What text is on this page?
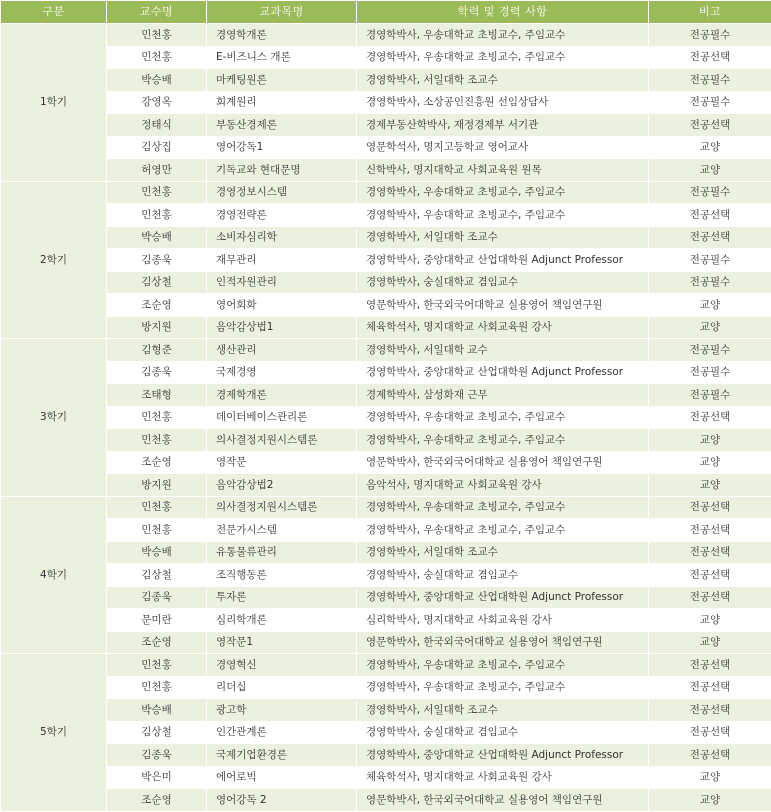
구분	교수명	교과목명	학력 및 경력 사항	비고
1학기	민천홍	경영학개론	경영학박사, 우송대학교 초빙교수, 주임교수	전공필수
	민천홍	E-비즈니스 개론	경영학박사, 우송대학교 초빙교수, 주임교수	전공선택
	박승배	마케팅원론	경영학박사, 서일대학 조교수	전공필수
	강영옥	회계원리	경영학박사, 소상공인진흥원 선임상담사	전공필수
	정태식	부동산경제론	경제부동산학박사, 재정경제부 서기관	전공선택
	김상집	영어강독1	영문학석사, 명지고등학교 영어교사	교양
	허영만	기독교와 현대문명	신학박사, 명지대학교 사회교육원 원목	교양
2학기	민천홍	경영정보시스템	경영학박사, 우송대학교 초빙교수, 주임교수	전공필수
	민천홍	경영전략론	경영학박사, 우송대학교 초빙교수, 주임교수	전공선택
	박승배	소비자심리학	경영학박사, 서일대학 조교수	전공선택
	김종욱	재무관리	경영학박사, 중앙대학교 산업대학원 Adjunct Professor	전공필수
	김상철	인적자원관리	경영학박사, 숭실대학교 겸임교수	전공필수
	조순영	영어회화	영문학박사, 한국외국어대학교 실용영어 책임연구원	교양
	방지원	음악감상법1	체육학석사, 명지대학교 사회교육원 강사	교양
3학기	김형준	생산관리	경영학박사, 서일대학 교수	전공필수
	김종욱	국제경영	경영학박사, 중앙대학교 산업대학원 Adjunct Professor	전공필수
	조태형	경제학개론	경제학박사, 삼성화재 근무	전공필수
	민천홍	데이터베이스관리론	경영학박사, 우송대학교 초빙교수, 주임교수	전공선택
	민천홍	의사결정지원시스템론	경영학박사, 우송대학교 초빙교수, 주임교수	교양
	조순영	영작문	영문학박사, 한국외국어대학교 실용영어 책임연구원	교양
	방지원	음악감상법2	음악석사, 명지대학교 사회교육원 강사	교양
4학기	민천홍	의사결정지원시스템론	경영학박사, 우송대학교 초빙교수, 주임교수	전공선택
	민천홍	전문가시스템	경영학박사, 우송대학교 초빙교수, 주임교수	전공선택
	박승배	유통물류관리	경영학박사, 서일대학 조교수	전공선택
	김상철	조직행동론	경영학박사, 숭실대학교 겸임교수	전공선택
	김종욱	투자론	경영학박사, 중앙대학교 산업대학원 Adjunct Professor	전공선택
	문미란	심리학개론	심리학박사, 명지대학교 사회교육원 강사	교양
	조순영	영작문1	영문학박사, 한국외국어대학교 실용영어 책임연구원	교양
5학기	민천홍	경영혁신	경영학박사, 우송대학교 초빙교수, 주임교수	전공선택
	민천홍	리더십	경영학박사, 우송대학교 초빙교수, 주임교수	전공선택
	박승배	광고학	경영학박사, 서일대학 조교수	전공선택
	김상철	인간관계론	경영학박사, 숭실대학교 겸임교수	전공선택
	김종욱	국제기업환경론	경영학박사, 중앙대학교 산업대학원 Adjunct Professor	전공선택
	박은미	에어로빅	체육학석사, 명지대학교 사회교육원 강사	교양
	조순영	영어강독 2	영문학박사, 한국외국어대학교 실용영어 책임연구원	교양
